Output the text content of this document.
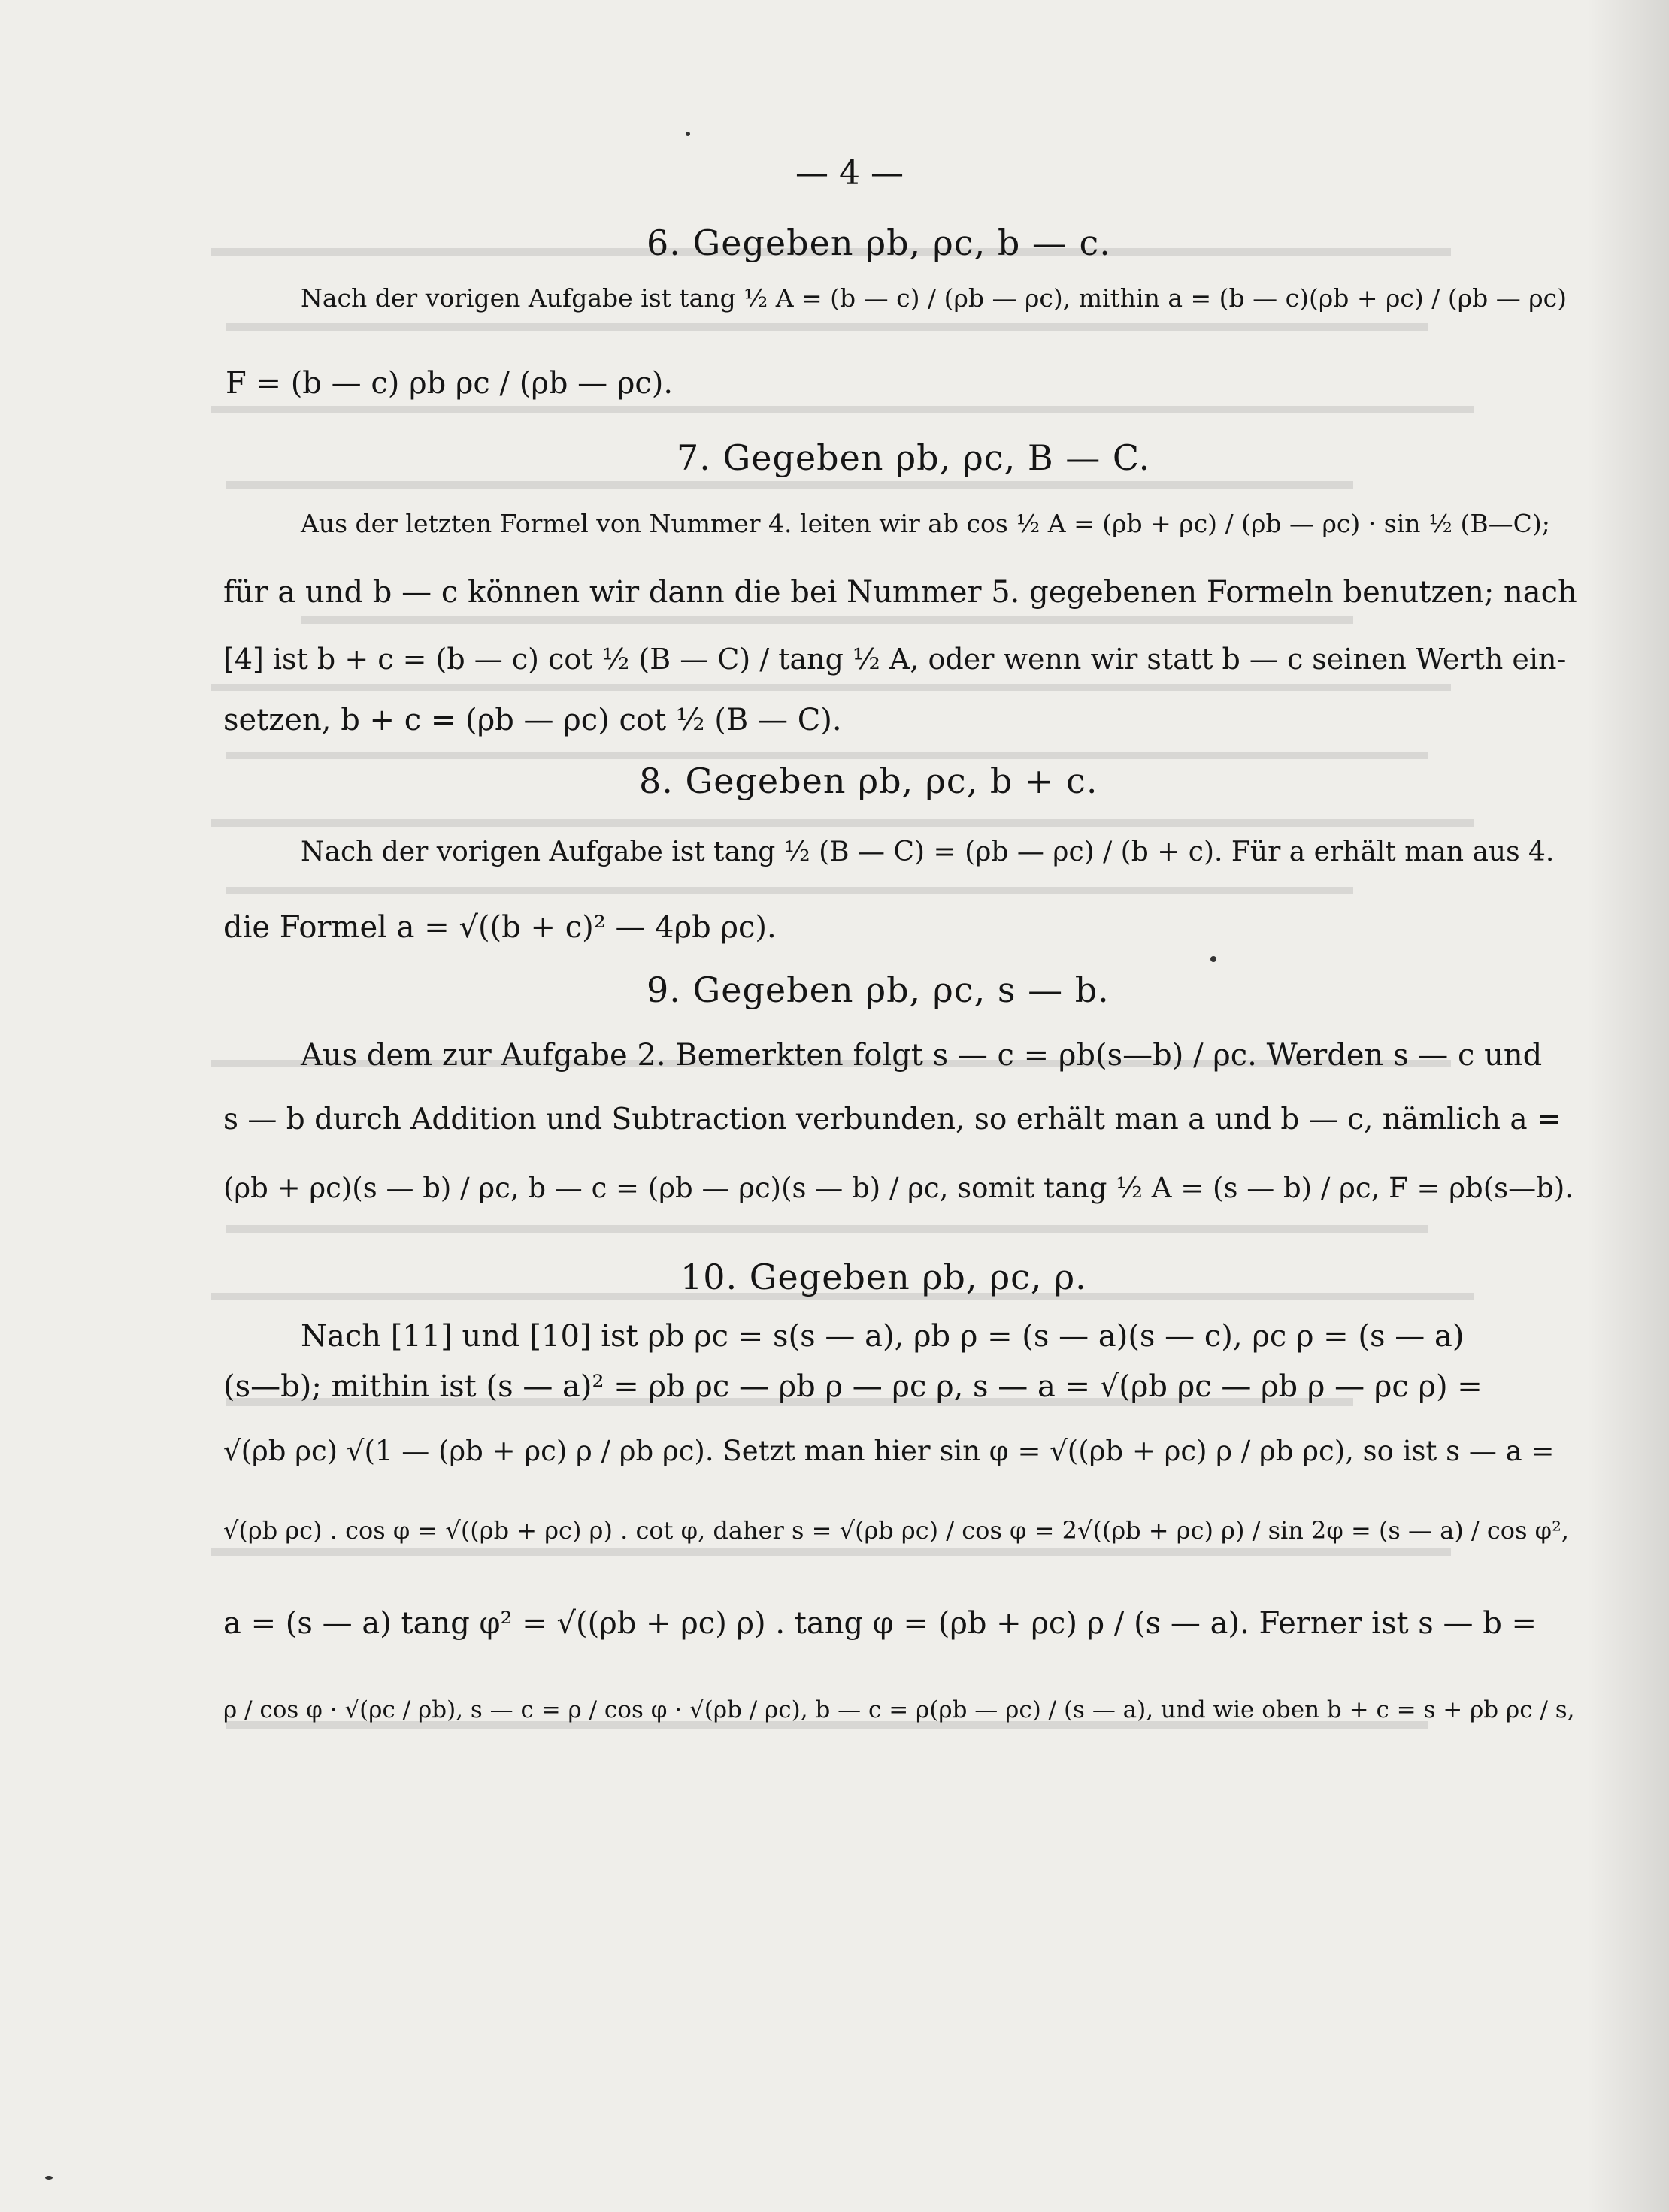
— 4 —
6. Gegeben ρb, ρc, b — c.
Nach der vorigen Aufgabe ist tang ½ A = (b — c) / (ρb — ρc), mithin a = (b — c)(ρb + ρc) / (ρb — ρc)
F = (b — c) ρb ρc / (ρb — ρc).
7. Gegeben ρb, ρc, B — C.
Aus der letzten Formel von Nummer 4. leiten wir ab cos ½ A = (ρb + ρc) / (ρb — ρc) · sin ½ (B—C);
für a und b — c können wir dann die bei Nummer 5. gegebenen Formeln benutzen; nach
[4] ist b + c = (b — c) cot ½ (B — C) / tang ½ A, oder wenn wir statt b — c seinen Werth ein-
setzen, b + c = (ρb — ρc) cot ½ (B — C).
8. Gegeben ρb, ρc, b + c.
Nach der vorigen Aufgabe ist tang ½ (B — C) = (ρb — ρc) / (b + c). Für a erhält man aus 4.
die Formel a = √((b + c)² — 4ρb ρc).
9. Gegeben ρb, ρc, s — b.
Aus dem zur Aufgabe 2. Bemerkten folgt s — c = ρb(s—b) / ρc. Werden s — c und
s — b durch Addition und Subtraction verbunden, so erhält man a und b — c, nämlich a =
(ρb + ρc)(s — b) / ρc, b — c = (ρb — ρc)(s — b) / ρc, somit tang ½ A = (s — b) / ρc, F = ρb(s—b).
10. Gegeben ρb, ρc, ρ.
Nach [11] und [10] ist ρb ρc = s(s — a), ρb ρ = (s — a)(s — c), ρc ρ = (s — a)
(s—b); mithin ist (s — a)² = ρb ρc — ρb ρ — ρc ρ, s — a = √(ρb ρc — ρb ρ — ρc ρ) =
√(ρb ρc) √(1 — (ρb + ρc) ρ / ρb ρc). Setzt man hier sin φ = √((ρb + ρc) ρ / ρb ρc), so ist s — a =
√(ρb ρc) . cos φ = √((ρb + ρc) ρ) . cot φ, daher s = √(ρb ρc) / cos φ = 2√((ρb + ρc) ρ) / sin 2φ = (s — a) / cos φ²,
a = (s — a) tang φ² = √((ρb + ρc) ρ) . tang φ = (ρb + ρc) ρ / (s — a). Ferner ist s — b =
ρ / cos φ · √(ρc / ρb), s — c = ρ / cos φ · √(ρb / ρc), b — c = ρ(ρb — ρc) / (s — a), und wie oben b + c = s + ρb ρc / s,
